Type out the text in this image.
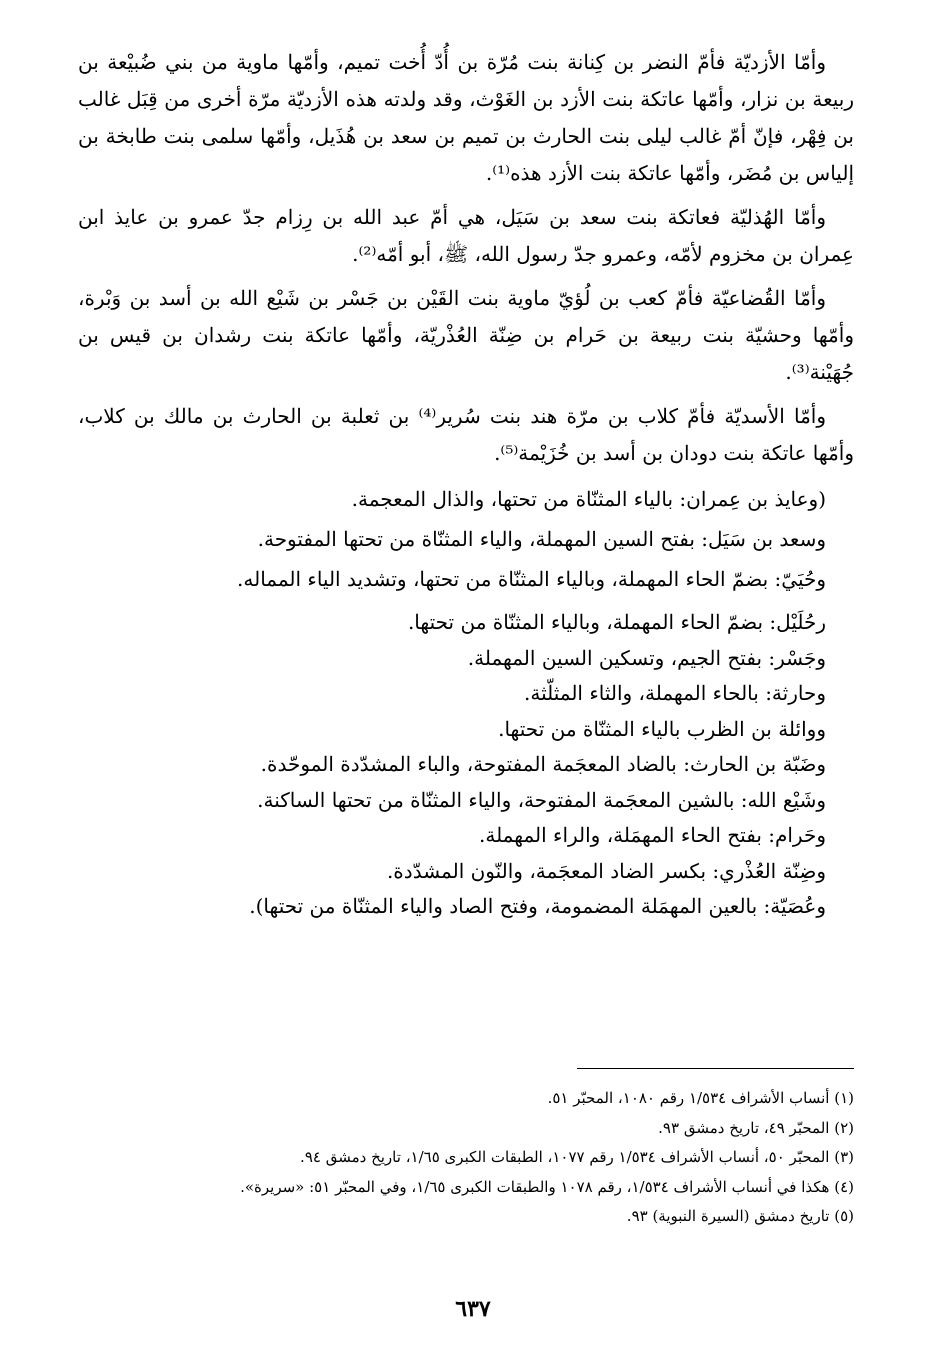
وأمّا الأزديّة فأمّ النضر بن كِنانة بنت مُرّة بن أُدّ أُخت تميم، وأمّها ماوية من بني ضُبيْعة بن ربيعة بن نزار، وأمّها عاتكة بنت الأزد بن الغَوْث، وقد ولدته هذه الأزديّة مرّة أخرى من قِبَل غالب بن فِهْر، فإنّ أمّ غالب ليلى بنت الحارث بن تميم بن سعد بن هُذَيل، وأمّها سلمى بنت طابخة بن إلياس بن مُضَر، وأمّها عاتكة بنت الأزد هذه⁽¹⁾.

وأمّا الهُذليّة فعاتكة بنت سعد بن سَيَل، هي أمّ عبد الله بن رِزام جدّ عمرو بن عايذ ابن عِمران بن مخزوم لأمّه، وعمرو جدّ رسول الله، ﷺ، أبو أمّه⁽²⁾.

وأمّا القُضاعيّة فأمّ كعب بن لُؤيّ ماوية بنت القَيْن بن جَسْر بن شَيْع الله بن أسد بن وَبْرة، وأمّها وحشيّة بنت ربيعة بن حَرام بن ضِنّة العُذْريّة، وأمّها عاتكة بنت رشدان بن قيس بن جُهَيْنة⁽³⁾.

وأمّا الأسديّة فأمّ كلاب بن مرّة هند بنت سُرير⁽⁴⁾ بن ثعلبة بن الحارث بن مالك بن كلاب، وأمّها عاتكة بنت دودان بن أسد بن خُزَيْمة⁽⁵⁾.

(وعايذ بن عِمران: بالياء المثنّاة من تحتها، والذال المعجمة.
وسعد بن سَيَل: بفتح السين المهملة، والياء المثنّاة من تحتها المفتوحة.
وحُيَيّ: بضمّ الحاء المهملة، وبالياء المثنّاة من تحتها، وتشديد الياء المماله.
رحُلَيْل: بضمّ الحاء المهملة، وبالياء المثنّاة من تحتها.
وجَسْر: بفتح الجيم، وتسكين السين المهملة.
وحارثة: بالحاء المهملة، والثاء المثلّثة.
ووائلة بن الظرب بالياء المثنّاة من تحتها.
وضَبّة بن الحارث: بالضاد المعجَمة المفتوحة، والباء المشدّدة الموحّدة.
وشَيْع الله: بالشين المعجَمة المفتوحة، والياء المثنّاة من تحتها الساكنة.
وحَرام: بفتح الحاء المهمَلة، والراء المهملة.
وضِنّة العُذْري: بكسر الضاد المعجَمة، والنّون المشدّدة.
وعُصَيّة: بالعين المهمَلة المضمومة، وفتح الصاد والياء المثنّاة من تحتها).
(١) أنساب الأشراف ١/٥٣٤ رقم ١٠٨٠، المحبّر ٥١.
(٢) المحبّر ٤٩، تاريخ دمشق ٩٣.
(٣) المحبّر ٥٠، أنساب الأشراف ١/٥٣٤ رقم ١٠٧٧، الطبقات الكبرى ١/٦٥، تاريخ دمشق ٩٤.
(٤) هكذا في أنساب الأشراف ١/٥٣٤، رقم ١٠٧٨ والطبقات الكبرى ١/٦٥، وفي المحبّر ٥١: «سريرة».
(٥) تاريخ دمشق (السيرة النبوية) ٩٣.
٦٣٧
